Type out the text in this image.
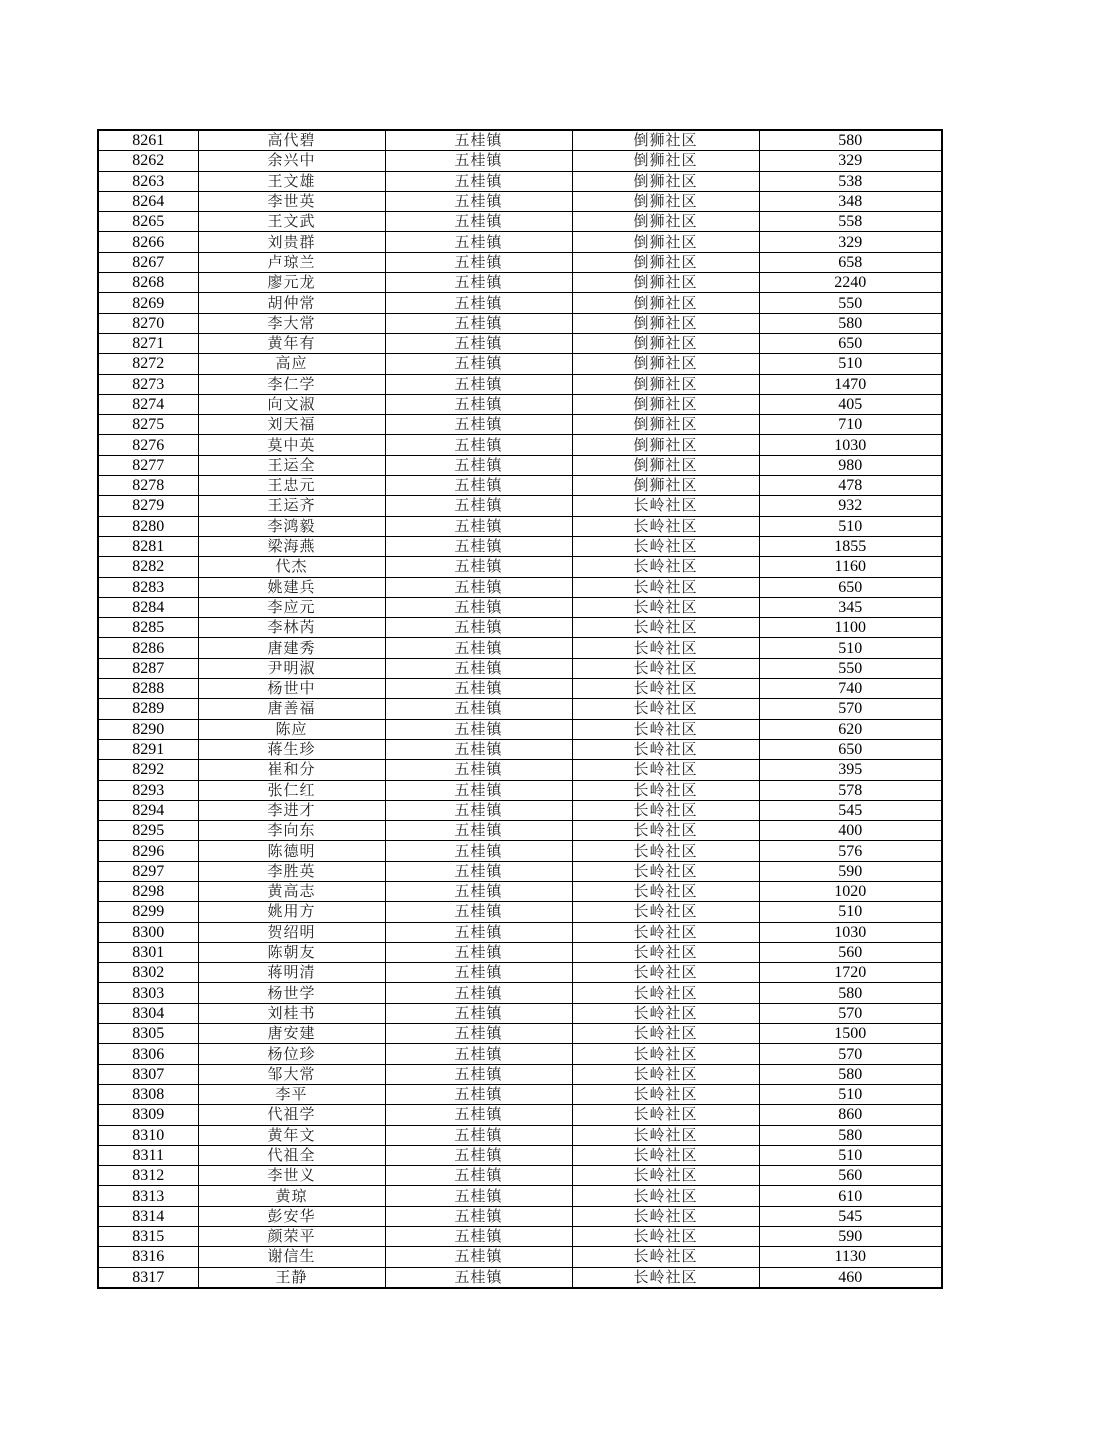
8261	高代碧	五桂镇	倒狮社区	580
8262	余兴中	五桂镇	倒狮社区	329
8263	王文雄	五桂镇	倒狮社区	538
8264	李世英	五桂镇	倒狮社区	348
8265	王文武	五桂镇	倒狮社区	558
8266	刘贵群	五桂镇	倒狮社区	329
8267	卢琼兰	五桂镇	倒狮社区	658
8268	廖元龙	五桂镇	倒狮社区	2240
8269	胡仲常	五桂镇	倒狮社区	550
8270	李大常	五桂镇	倒狮社区	580
8271	黄年有	五桂镇	倒狮社区	650
8272	高应	五桂镇	倒狮社区	510
8273	李仁学	五桂镇	倒狮社区	1470
8274	向文淑	五桂镇	倒狮社区	405
8275	刘天福	五桂镇	倒狮社区	710
8276	莫中英	五桂镇	倒狮社区	1030
8277	王运全	五桂镇	倒狮社区	980
8278	王忠元	五桂镇	倒狮社区	478
8279	王运齐	五桂镇	长岭社区	932
8280	李鸿毅	五桂镇	长岭社区	510
8281	梁海燕	五桂镇	长岭社区	1855
8282	代杰	五桂镇	长岭社区	1160
8283	姚建兵	五桂镇	长岭社区	650
8284	李应元	五桂镇	长岭社区	345
8285	李林芮	五桂镇	长岭社区	1100
8286	唐建秀	五桂镇	长岭社区	510
8287	尹明淑	五桂镇	长岭社区	550
8288	杨世中	五桂镇	长岭社区	740
8289	唐善福	五桂镇	长岭社区	570
8290	陈应	五桂镇	长岭社区	620
8291	蒋生珍	五桂镇	长岭社区	650
8292	崔和分	五桂镇	长岭社区	395
8293	张仁红	五桂镇	长岭社区	578
8294	李进才	五桂镇	长岭社区	545
8295	李向东	五桂镇	长岭社区	400
8296	陈德明	五桂镇	长岭社区	576
8297	李胜英	五桂镇	长岭社区	590
8298	黄高志	五桂镇	长岭社区	1020
8299	姚用方	五桂镇	长岭社区	510
8300	贺绍明	五桂镇	长岭社区	1030
8301	陈朝友	五桂镇	长岭社区	560
8302	蒋明清	五桂镇	长岭社区	1720
8303	杨世学	五桂镇	长岭社区	580
8304	刘桂书	五桂镇	长岭社区	570
8305	唐安建	五桂镇	长岭社区	1500
8306	杨位珍	五桂镇	长岭社区	570
8307	邹大常	五桂镇	长岭社区	580
8308	李平	五桂镇	长岭社区	510
8309	代祖学	五桂镇	长岭社区	860
8310	黄年文	五桂镇	长岭社区	580
8311	代祖全	五桂镇	长岭社区	510
8312	李世义	五桂镇	长岭社区	560
8313	黄琼	五桂镇	长岭社区	610
8314	彭安华	五桂镇	长岭社区	545
8315	颜荣平	五桂镇	长岭社区	590
8316	谢信生	五桂镇	长岭社区	1130
8317	王静	五桂镇	长岭社区	460
